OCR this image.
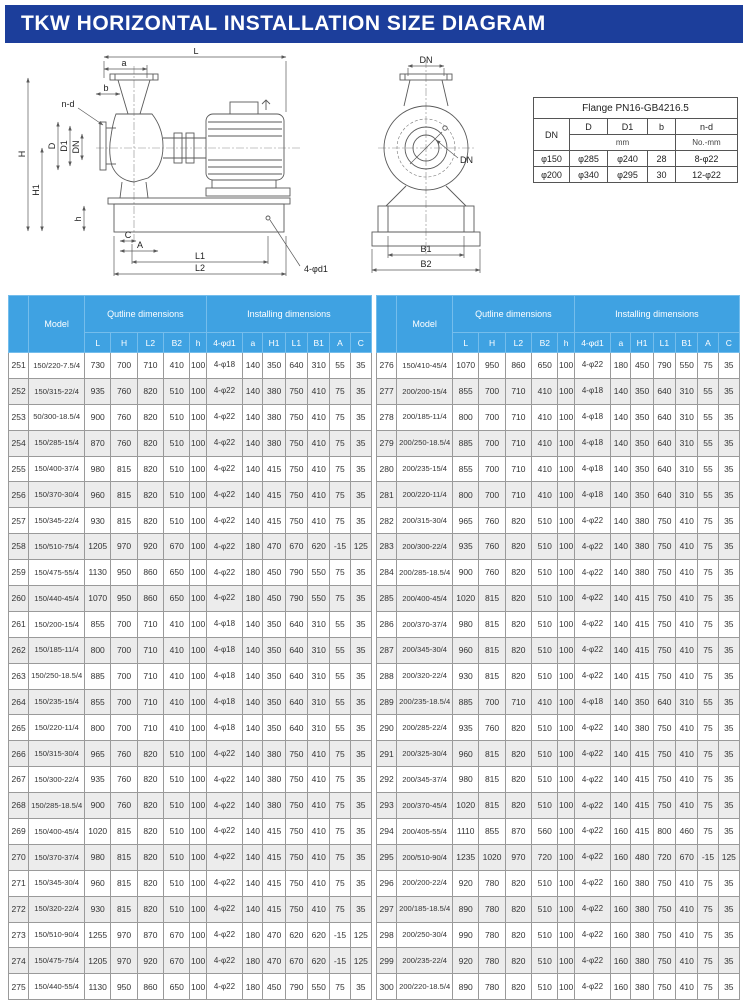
TKW HORIZONTAL INSTALLATION SIZE DIAGRAM
L
a
b
n-d
H
H1
D D1 DN
h
C
A
L1
L2	4-φd1
DN
DN
B1
B2
Flange PN16-GB4216.5				
DN	D	D1	b	n-d
	mm			No.-mm
φ150	φ285	φ240	28	8-φ22
φ200	φ340	φ295	30	12-φ22
	Model	Qutline dimensions					Installing dimensions						
		L	H	L2	B2	h	4-φd1	a	H1	L1	B1	A	C
251	150/220-7.5/4	730	700	710	410	100	4-φ18	140	350	640	310	55	35
252	150/315-22/4	935	760	820	510	100	4-φ22	140	380	750	410	75	35
253	50/300-18.5/4	900	760	820	510	100	4-φ22	140	380	750	410	75	35
254	150/285-15/4	870	760	820	510	100	4-φ22	140	380	750	410	75	35
255	150/400-37/4	980	815	820	510	100	4-φ22	140	415	750	410	75	35
256	150/370-30/4	960	815	820	510	100	4-φ22	140	415	750	410	75	35
257	150/345-22/4	930	815	820	510	100	4-φ22	140	415	750	410	75	35
258	150/510-75/4	1205	970	920	670	100	4-φ22	180	470	670	620	-15	125
259	150/475-55/4	1130	950	860	650	100	4-φ22	180	450	790	550	75	35
260	150/440-45/4	1070	950	860	650	100	4-φ22	180	450	790	550	75	35
261	150/200-15/4	855	700	710	410	100	4-φ18	140	350	640	310	55	35
262	150/185-11/4	800	700	710	410	100	4-φ18	140	350	640	310	55	35
263	150/250-18.5/4	885	700	710	410	100	4-φ18	140	350	640	310	55	35
264	150/235-15/4	855	700	710	410	100	4-φ18	140	350	640	310	55	35
265	150/220-11/4	800	700	710	410	100	4-φ18	140	350	640	310	55	35
266	150/315-30/4	965	760	820	510	100	4-φ22	140	380	750	410	75	35
267	150/300-22/4	935	760	820	510	100	4-φ22	140	380	750	410	75	35
268	150/285-18.5/4	900	760	820	510	100	4-φ22	140	380	750	410	75	35
269	150/400-45/4	1020	815	820	510	100	4-φ22	140	415	750	410	75	35
270	150/370-37/4	980	815	820	510	100	4-φ22	140	415	750	410	75	35
271	150/345-30/4	960	815	820	510	100	4-φ22	140	415	750	410	75	35
272	150/320-22/4	930	815	820	510	100	4-φ22	140	415	750	410	75	35
273	150/510-90/4	1255	970	870	670	100	4-φ22	180	470	620	620	-15	125
274	150/475-75/4	1205	970	920	670	100	4-φ22	180	470	670	620	-15	125
275	150/440-55/4	1130	950	860	650	100	4-φ22	180	450	790	550	75	35
	Model	Qutline dimensions					Installing dimensions						
		L	H	L2	B2	h	4-φd1	a	H1	L1	B1	A	C
276	150/410-45/4	1070	950	860	650	100	4-φ22	180	450	790	550	75	35
277	200/200-15/4	855	700	710	410	100	4-φ18	140	350	640	310	55	35
278	200/185-11/4	800	700	710	410	100	4-φ18	140	350	640	310	55	35
279	200/250-18.5/4	885	700	710	410	100	4-φ18	140	350	640	310	55	35
280	200/235-15/4	855	700	710	410	100	4-φ18	140	350	640	310	55	35
281	200/220-11/4	800	700	710	410	100	4-φ18	140	350	640	310	55	35
282	200/315-30/4	965	760	820	510	100	4-φ22	140	380	750	410	75	35
283	200/300-22/4	935	760	820	510	100	4-φ22	140	380	750	410	75	35
284	200/285-18.5/4	900	760	820	510	100	4-φ22	140	380	750	410	75	35
285	200/400-45/4	1020	815	820	510	100	4-φ22	140	415	750	410	75	35
286	200/370-37/4	980	815	820	510	100	4-φ22	140	415	750	410	75	35
287	200/345-30/4	960	815	820	510	100	4-φ22	140	415	750	410	75	35
288	200/320-22/4	930	815	820	510	100	4-φ22	140	415	750	410	75	35
289	200/235-18.5/4	885	700	710	410	100	4-φ18	140	350	640	310	55	35
290	200/285-22/4	935	760	820	510	100	4-φ22	140	380	750	410	75	35
291	200/325-30/4	960	815	820	510	100	4-φ22	140	415	750	410	75	35
292	200/345-37/4	980	815	820	510	100	4-φ22	140	415	750	410	75	35
293	200/370-45/4	1020	815	820	510	100	4-φ22	140	415	750	410	75	35
294	200/405-55/4	1110	855	870	560	100	4-φ22	160	415	800	460	75	35
295	200/510-90/4	1235	1020	970	720	100	4-φ22	160	480	720	670	-15	125
296	200/200-22/4	920	780	820	510	100	4-φ22	160	380	750	410	75	35
297	200/185-18.5/4	890	780	820	510	100	4-φ22	160	380	750	410	75	35
298	200/250-30/4	990	780	820	510	100	4-φ22	160	380	750	410	75	35
299	200/235-22/4	920	780	820	510	100	4-φ22	160	380	750	410	75	35
300	200/220-18.5/4	890	780	820	510	100	4-φ22	160	380	750	410	75	35
